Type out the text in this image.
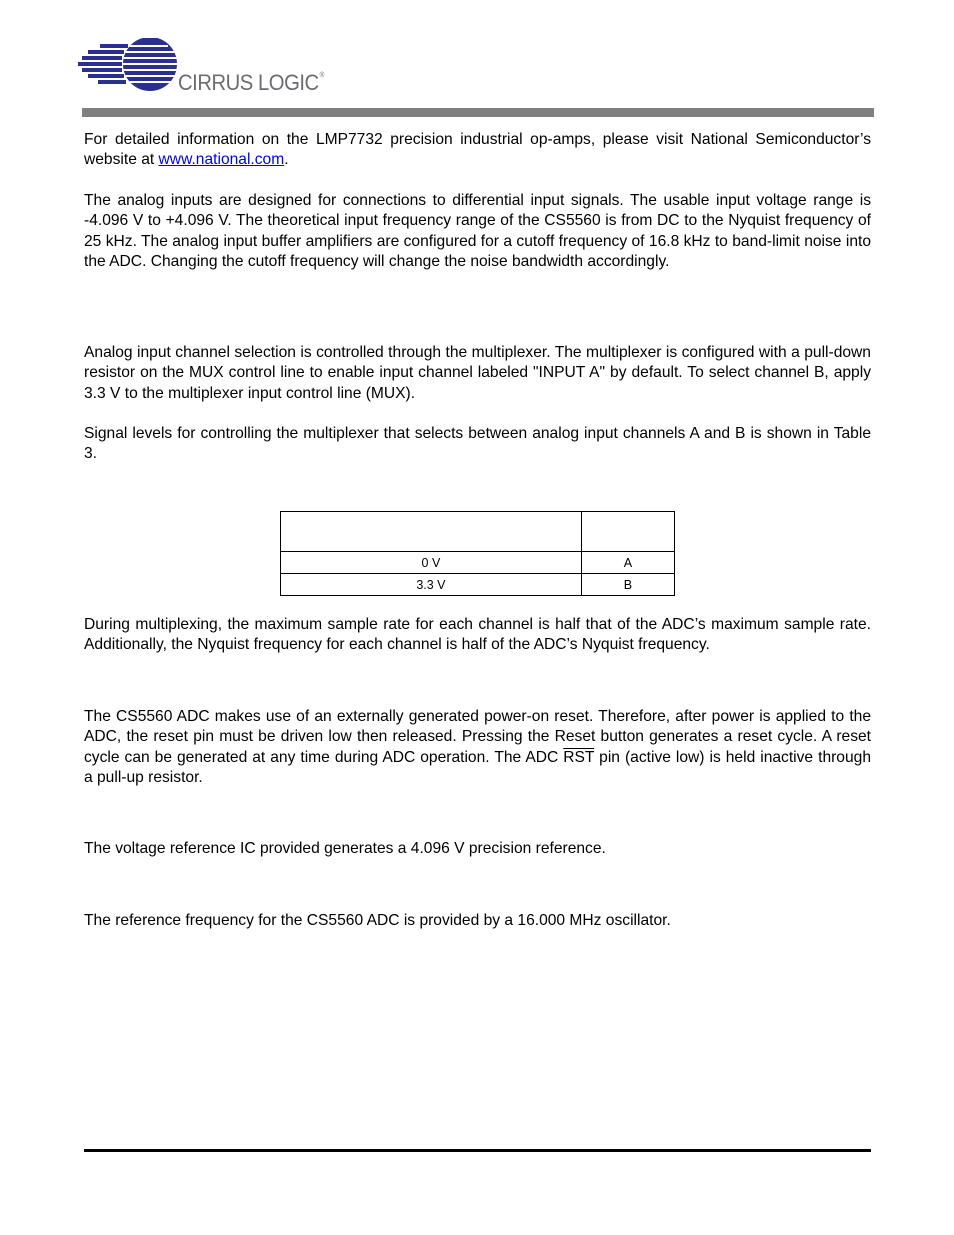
CIRRUS LOGIC®

For detailed information on the LMP7732 precision industrial op-amps, please visit National Semiconductor’s website at www.national.com.

The analog inputs are designed for connections to differential input signals. The usable input voltage range is -4.096 V to +4.096 V. The theoretical input frequency range of the CS5560 is from DC to the Nyquist frequency of 25 kHz. The analog input buffer amplifiers are configured for a cutoff frequency of 16.8 kHz to band-limit noise into the ADC. Changing the cutoff frequency will change the noise bandwidth accordingly.

Analog input channel selection is controlled through the multiplexer. The multiplexer is configured with a pull-down resistor on the MUX control line to enable input channel labeled "INPUT A" by default. To select channel B, apply 3.3 V to the multiplexer input control line (MUX).

Signal levels for controlling the multiplexer that selects between analog input channels A and B is shown in Table 3.

0 V	A
3.3 V	B

During multiplexing, the maximum sample rate for each channel is half that of the ADC’s maximum sample rate. Additionally, the Nyquist frequency for each channel is half of the ADC’s Nyquist frequency.

The CS5560 ADC makes use of an externally generated power-on reset. Therefore, after power is applied to the ADC, the reset pin must be driven low then released. Pressing the Reset button generates a reset cycle. A reset cycle can be generated at any time during ADC operation. The ADC $\overline{RST}$ pin (active low) is held inactive through a pull-up resistor.

The voltage reference IC provided generates a 4.096 V precision reference.

The reference frequency for the CS5560 ADC is provided by a 16.000 MHz oscillator.
